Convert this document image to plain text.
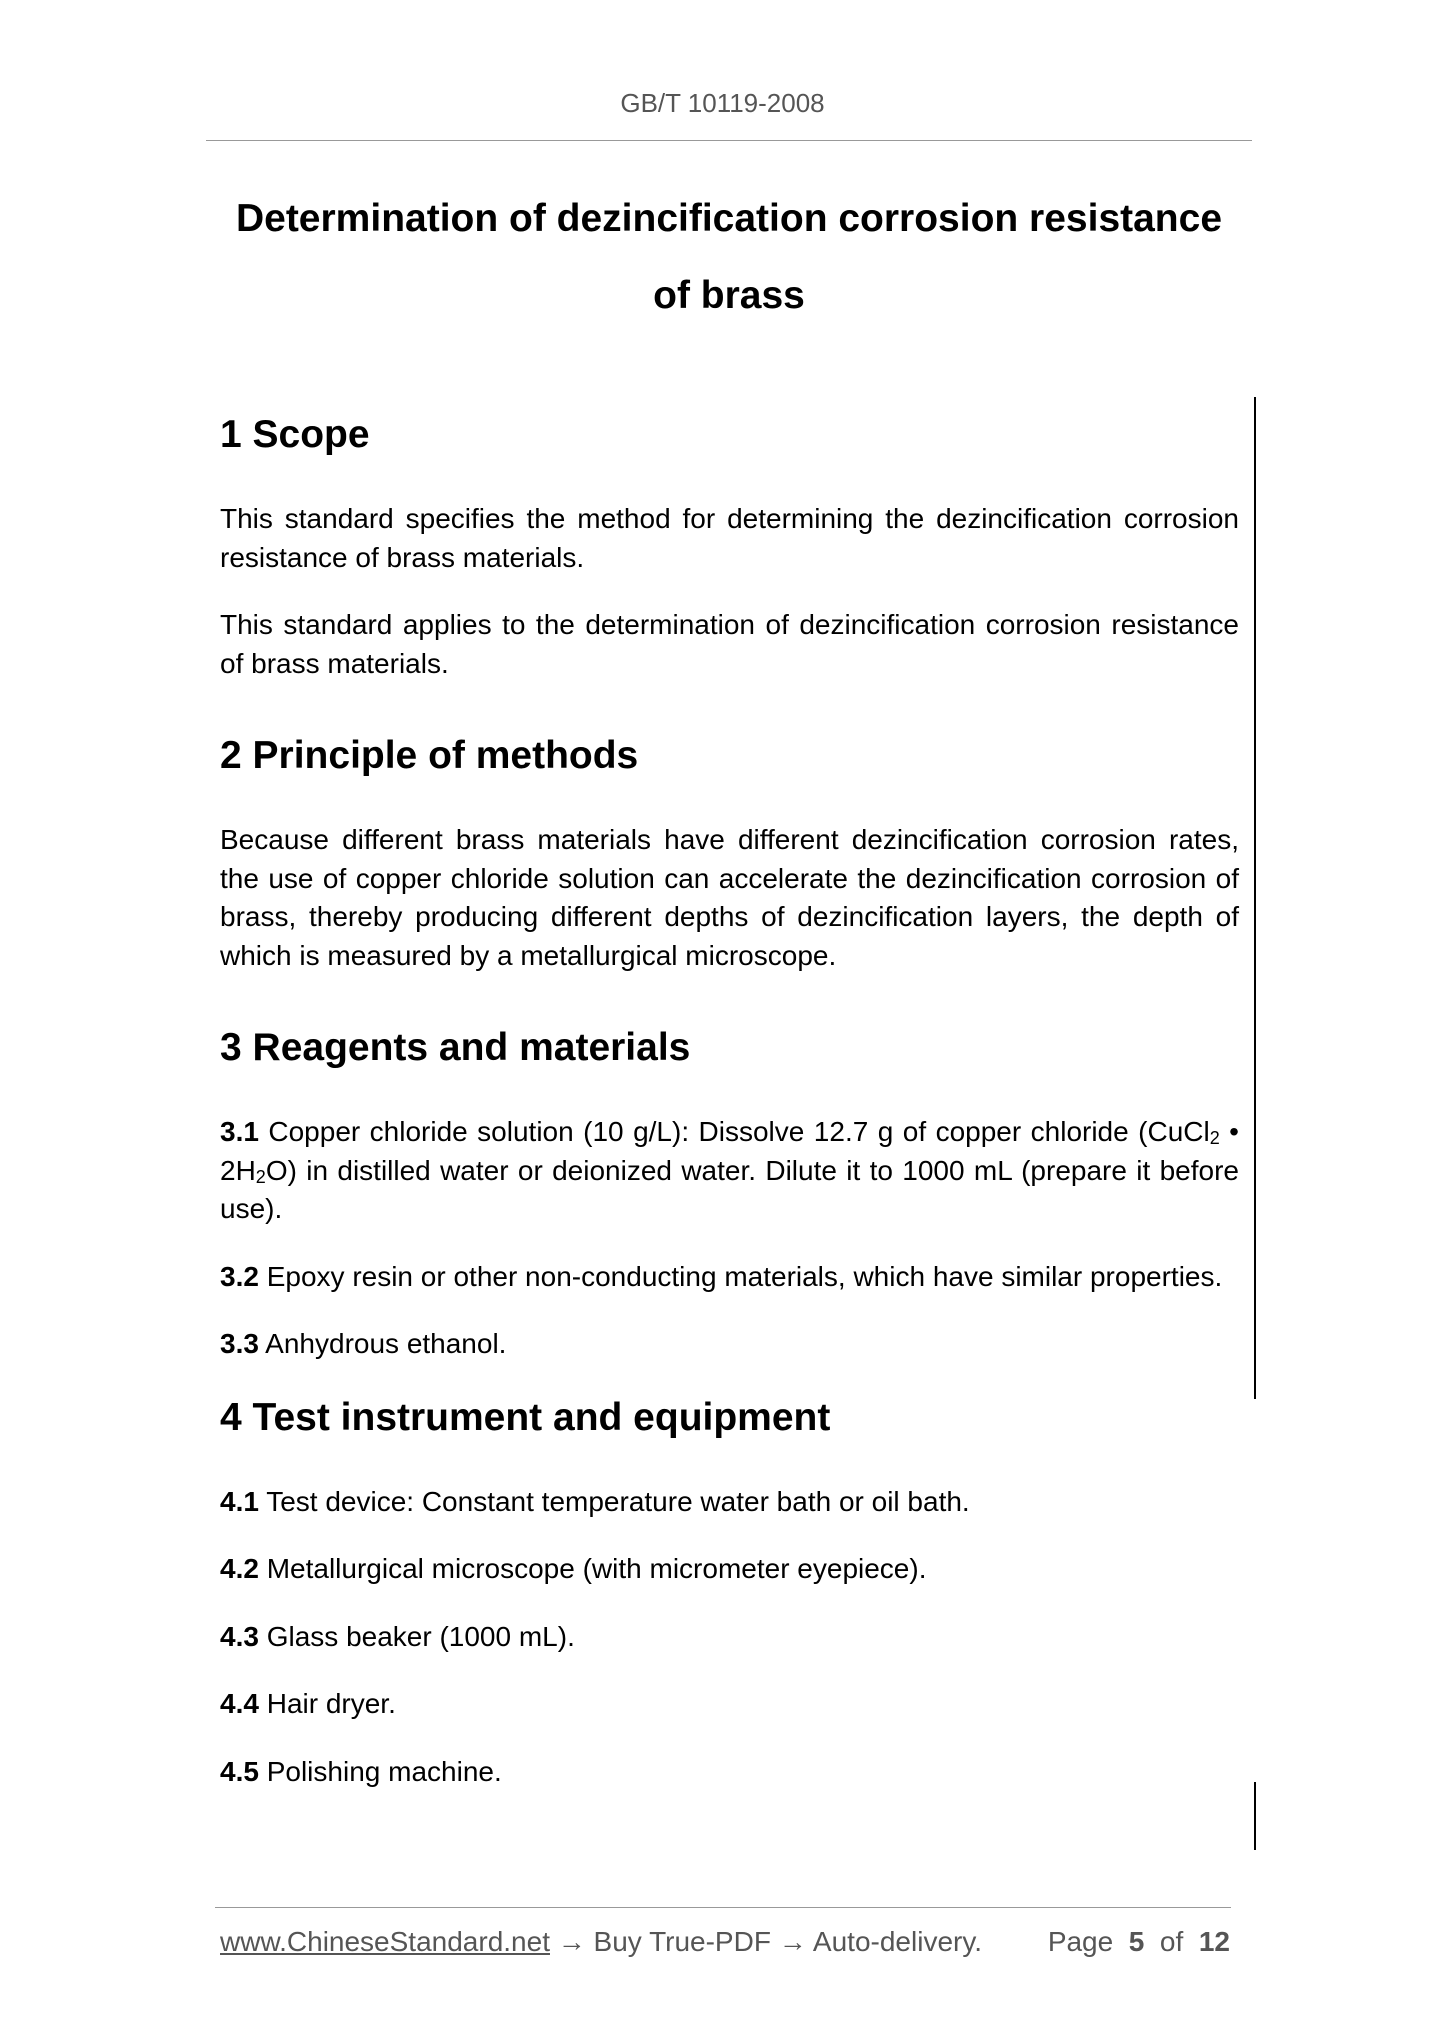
GB/T 10119-2008
Determination of dezincification corrosion resistance
of brass
1 Scope

This standard specifies the method for determining the dezincification corrosion resistance of brass materials.

This standard applies to the determination of dezincification corrosion resistance of brass materials.

2 Principle of methods

Because different brass materials have different dezincification corrosion rates, the use of copper chloride solution can accelerate the dezincification corrosion of brass, thereby producing different depths of dezincification layers, the depth of which is measured by a metallurgical microscope.

3 Reagents and materials

3.1 Copper chloride solution (10 g/L): Dissolve 12.7 g of copper chloride (CuCl$_2$ • $2H_2O$) in distilled water or deionized water. Dilute it to 1000 mL (prepare it before use).

3.2 Epoxy resin or other non-conducting materials, which have similar properties.

3.3 Anhydrous ethanol.

4 Test instrument and equipment

4.1 Test device: Constant temperature water bath or oil bath.

4.2 Metallurgical microscope (with micrometer eyepiece).

4.3 Glass beaker (1000 mL).

4.4 Hair dryer.

4.5 Polishing machine.

www.ChineseStandard.net → Buy True-PDF → Auto-delivery. Page 5 of 12
